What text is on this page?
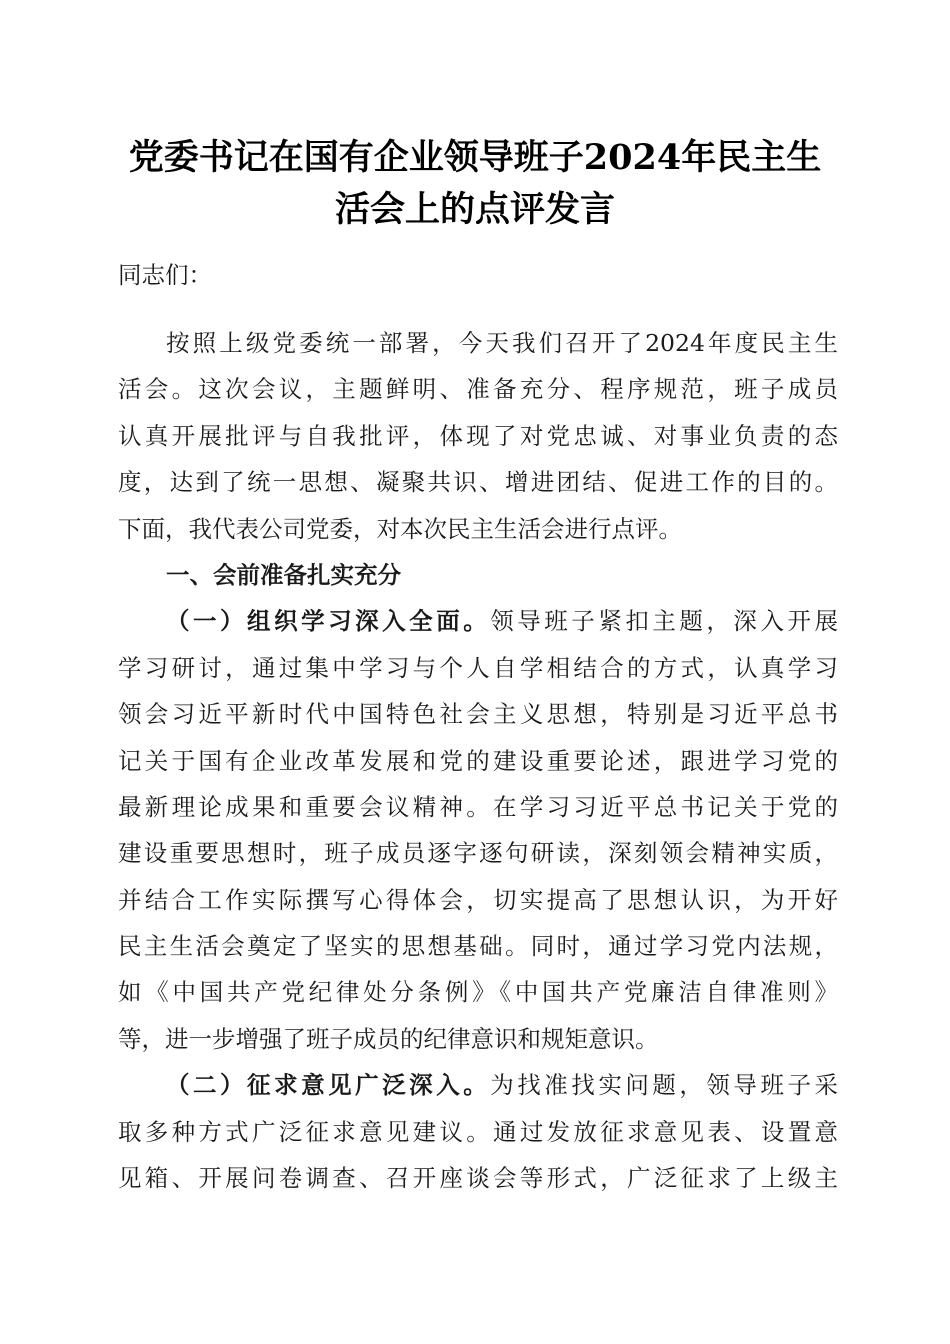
党委书记在国有企业领导班子2024年民主生
活会上的点评发言

同志们：

按照上级党委统一部署，今天我们召开了2024年度民主生
活会。这次会议，主题鲜明、准备充分、程序规范，班子成员
认真开展批评与自我批评，体现了对党忠诚、对事业负责的态
度，达到了统一思想、凝聚共识、增进团结、促进工作的目的。
下面，我代表公司党委，对本次民主生活会进行点评。
一、会前准备扎实充分
（一）组织学习深入全面。领导班子紧扣主题，深入开展
学习研讨，通过集中学习与个人自学相结合的方式，认真学习
领会习近平新时代中国特色社会主义思想，特别是习近平总书
记关于国有企业改革发展和党的建设重要论述，跟进学习党的
最新理论成果和重要会议精神。在学习习近平总书记关于党的
建设重要思想时，班子成员逐字逐句研读，深刻领会精神实质，
并结合工作实际撰写心得体会，切实提高了思想认识，为开好
民主生活会奠定了坚实的思想基础。同时，通过学习党内法规，
如《中国共产党纪律处分条例》《中国共产党廉洁自律准则》
等，进一步增强了班子成员的纪律意识和规矩意识。
（二）征求意见广泛深入。为找准找实问题，领导班子采
取多种方式广泛征求意见建议。通过发放征求意见表、设置意
见箱、开展问卷调查、召开座谈会等形式，广泛征求了上级主
